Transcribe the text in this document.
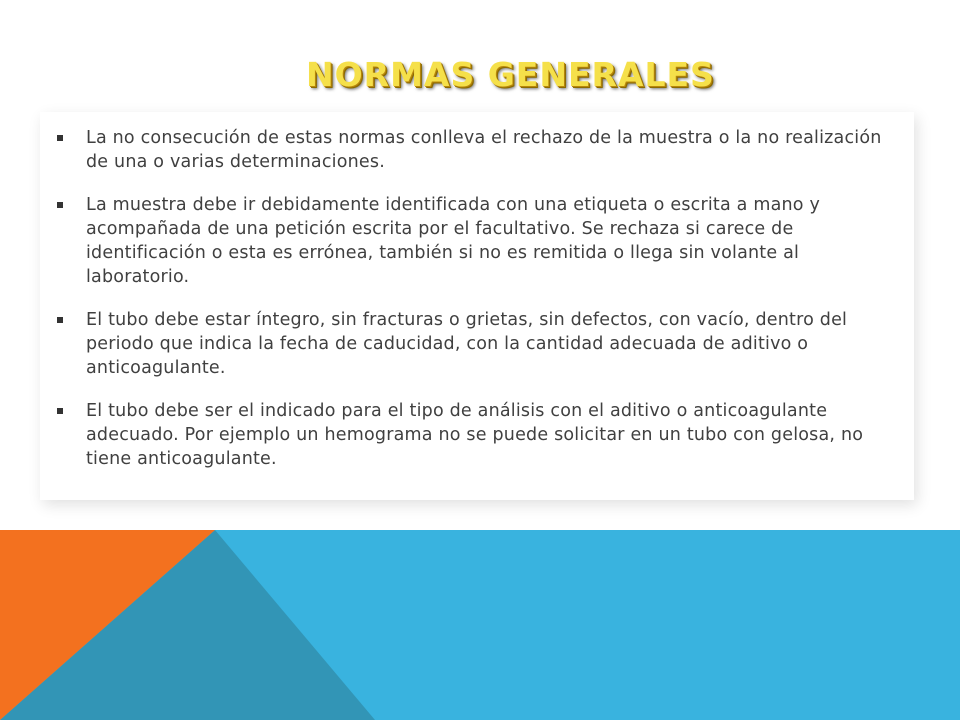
NORMAS GENERALES
La no consecución de estas normas conlleva el rechazo de la muestra o la no realización de una o varias determinaciones.
La muestra debe ir debidamente identificada con una etiqueta o escrita a mano y acompañada de una petición escrita por el facultativo. Se rechaza si carece de identificación o esta es errónea, también si no es remitida o llega sin volante al laboratorio.
El tubo debe estar íntegro, sin fracturas o grietas, sin defectos, con vacío, dentro del periodo que indica la fecha de caducidad, con la cantidad adecuada de aditivo o anticoagulante.
El tubo debe ser el indicado para el tipo de análisis con el aditivo o anticoagulante adecuado. Por ejemplo un hemograma no se puede solicitar en un tubo con gelosa, no tiene anticoagulante.
